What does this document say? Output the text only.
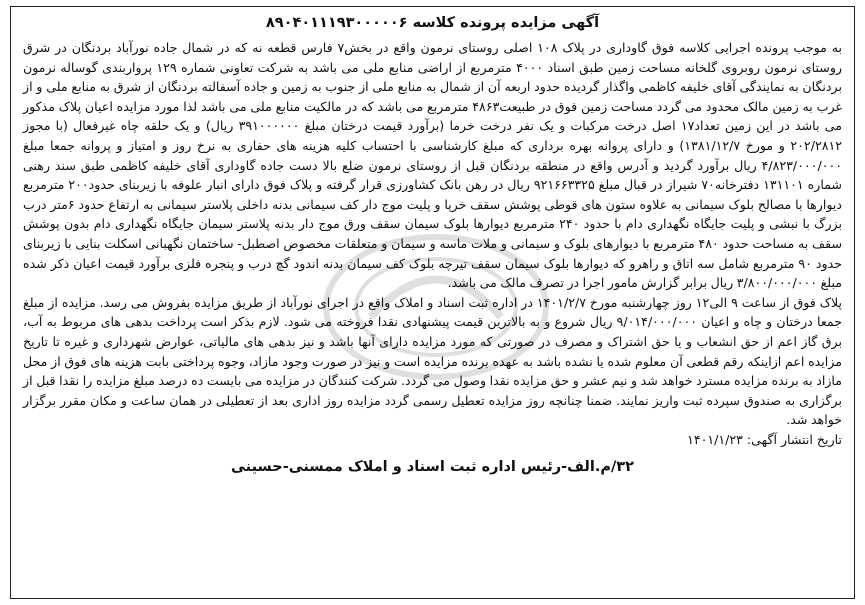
آگهی مزایده پرونده کلاسه ۸۹۰۴۰۱۱۱۹۳۰۰۰۰۰۶

به موجب پرونده اجرایی کلاسه فوق گاوداری در پلاک ۱۰۸ اصلی روستای نرمون واقع در بخش۷ فارس قطعه نه که در شمال جاده نورآباد بردنگان در شرق روستای نرمون روبروی گلخانه مساحت زمین طبق اسناد ۴۰۰۰ مترمربع از اراضی منابع ملی می باشد به شرکت تعاونی شماره ۱۲۹ پرواربندی گوساله نرمون بردنگان به نمایندگی آقای خلیفه کاظمی واگذار گردیده حدود اربعه آن از شمال به منابع ملی از جنوب به زمین و جاده آسفالته بردنگان از شرق به منابع ملی و از غرب به زمین مالک محدود می گردد مساحت زمین فوق در طبیعت۴۸۶۳ مترمربع می باشد که در مالکیت منابع ملی می باشد لذا مورد مزایده اعیان پلاک مذکور می باشد در این زمین تعداد۱۷ اصل درخت مرکبات و یک نفر درخت خرما (برآورد قیمت درختان مبلغ ۳۹۱۰۰۰۰۰۰ ریال) و یک حلقه چاه غیرفعال (با مجوز ۲۰۲/۲۸۱۲ و مورخ ۱۳۸۱/۱۲/۷) و دارای پروانه بهره برداری که مبلغ کارشناسی با احتساب کلیه هزینه های حفاری به نرخ روز و امتیاز و پروانه جمعا مبلغ ۴/۸۲۳/۰۰۰/۰۰۰ ریال برآورد گردید و آدرس واقع در منطقه بردنگان قبل از روستای نرمون ضلع بالا دست جاده گاوداری آقای خلیفه کاظمی طبق سند رهنی شماره ۱۳۱۱۰۱ دفترخانه۷۰ شیراز در قبال مبلغ ۹۲۱۶۶۳۳۲۵ ریال در رهن بانک کشاورزی قرار گرفته و پلاک فوق دارای انبار علوفه با زیربنای حدود۲۰۰ مترمربع دیوارها با مصالح بلوک سیمانی به علاوه ستون های قوطی پوشش سقف خرپا و پلیت موج دار کف سیمانی بدنه داخلی پلاستر سیمانی به ارتفاع حدود ۶متر درب بزرگ با نبشی و پلیت جایگاه نگهداری دام با حدود ۲۴۰ مترمربع دیوارها بلوک سیمان سقف ورق موج دار بدنه پلاستر سیمان جایگاه نگهداری دام بدون پوشش سقف به مساحت حدود ۴۸۰ مترمربع با دیوارهای بلوک و سیمانی و ملات ماسه و سیمان و متعلقات مخصوص اصطبل- ساختمان نگهبانی اسکلت بنایی با زیربنای حدود ۹۰ مترمربع شامل سه اتاق و راهرو که دیوارها بلوک سیمان سقف تیرچه بلوک کف سیمان بدنه اندود گچ درب و پنجره فلزی برآورد قیمت اعیان ذکر شده مبلغ ۳/۸۰۰/۰۰۰/۰۰۰ ریال برابر گزارش مامور اجرا در تصرف مالک می باشد.

پلاک فوق از ساعت ۹ الی۱۲ روز چهارشنبه مورخ ۱۴۰۱/۲/۷ در اداره ثبت اسناد و املاک واقع در اجرای نورآباد از طریق مزایده بفروش می رسد. مزایده از مبلغ جمعا درختان و چاه و اعیان ۹/۰۱۴/۰۰۰/۰۰۰ ریال شروع و به بالاترین قیمت پیشنهادی نقدا فروخته می شود. لازم بذکر است پرداخت بدهی های مربوط به آب، برق گاز اعم از حق انشعاب و یا حق اشتراک و مصرف در صورتی که مورد مزایده دارای آنها باشد و نیز بدهی های مالیاتی، عوارض شهرداری و غیره تا تاریخ مزایده اعم ازاینکه رقم قطعی آن معلوم شده یا نشده باشد به عهده برنده مزایده است و نیز در صورت وجود مازاد، وجوه پرداختی بابت هزینه های فوق از محل مازاد به برنده مزایده مسترد خواهد شد و نیم عشر و حق مزایده نقدا وصول می گردد. شرکت کنندگان در مزایده می بایست ده درصد مبلغ مزایده را نقدا قبل از برگزاری به صندوق سپرده ثبت واریز نمایند. ضمنا چنانچه روز مزایده تعطیل رسمی گردد مزایده روز اداری بعد از تعطیلی در همان ساعت و مکان مقرر برگزار خواهد شد.

تاریخ انتشار آگهی: ۱۴۰۱/۱/۲۳

۳۲/م.الف-رئیس اداره ثبت اسناد و املاک ممسنی-حسینی
